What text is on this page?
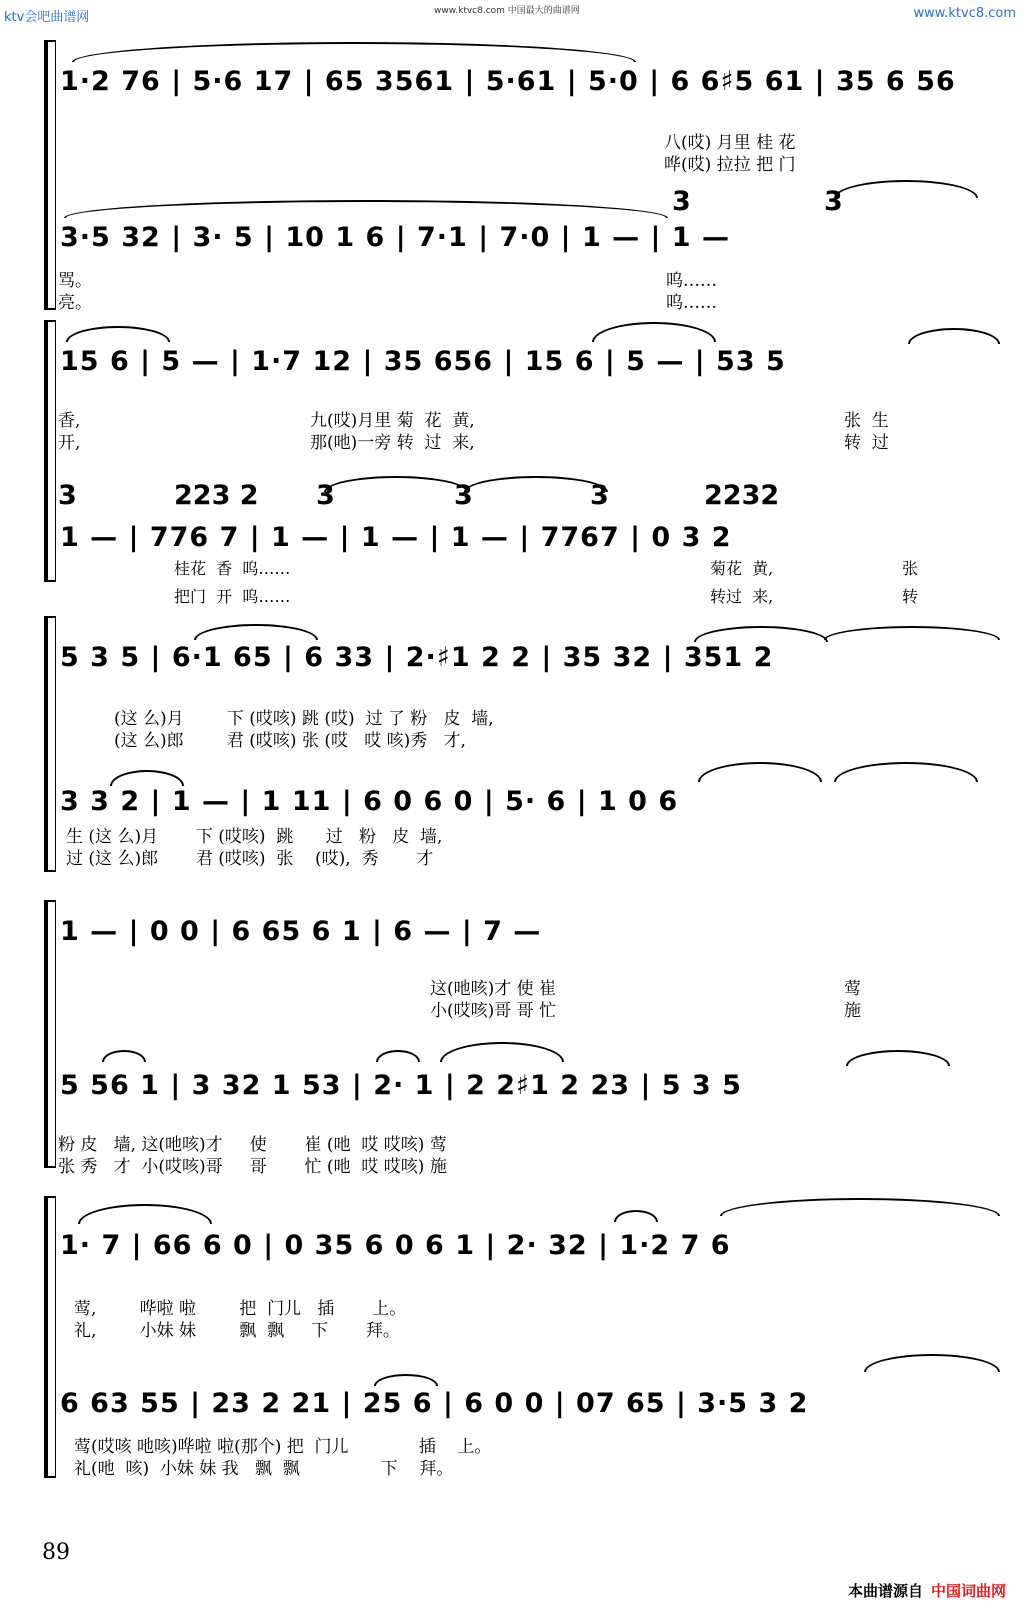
ktv会吧曲谱网	www.ktvc8.com 中国最大的曲谱网	www.ktvc8.com
1·2 76 | 5·6 17 | 65 3561 | 5·61 | 5·0 | 6 6♯5 61 | 35 6 56
八(哎) 月里 桂 花
哗(哎) 拉拉 把 门
3	3
3·5 32 | 3· 5 | 10 1 6 | 7·1 | 7·0 | 1 — | 1 —
骂。	呜……
亮。	呜……
15 6 | 5 — | 1·7 12 | 35 656 | 15 6 | 5 — | 53 5
香,	九(哎)月里 菊  花  黄,	张  生
开,	那(吔)一旁 转  过  来,	转  过
3	223 2 3	3	3	2232
1 — | 776 7 | 1 — | 1 — | 1 — | 7767 | 0 3 2
桂花  香  呜……	菊花  黄,	张
把门  开  呜……	转过  来,	转
5 3 5 | 6·1 65 | 6 33 | 2·♯1 2 2 | 35 32 | 351 2
(这 么)月        下 (哎咳) 跳 (哎)  过 了 粉   皮  墙,
(这 么)郎        君 (哎咳) 张 (哎   哎 咳)秀   才,
3 3 2 | 1 — | 1 11 | 6 0 6 0 | 5· 6 | 1 0 6
生 (这 么)月       下 (哎咳)  跳      过   粉   皮  墙,
过 (这 么)郎       君 (哎咳)  张    (哎),  秀       才
1 — | 0 0 | 6 65 6 1 | 6 — | 7 —
这(吔咳)才 使 崔	莺
小(哎咳)哥 哥 忙	施
5 56 1 | 3 32 1 53 | 2· 1 | 2 2♯1 2 23 | 5 3 5
粉 皮   墙, 这(吔咳)才     使       崔 (吔  哎 哎咳) 莺
张 秀   才  小(哎咳)哥     哥       忙 (吔  哎 哎咳) 施
1· 7 | 66 6 0 | 0 35 6 0 6 1 | 2· 32 | 1·2 7 6
莺,        哗啦 啦        把  门儿   插       上。
礼,        小妹 妹        飘  飘     下       拜。
6 63 55 | 23 2 21 | 25 6 | 6 0 0 | 07 65 | 3·5 3 2
莺(哎咳 吔咳)哗啦 啦(那个) 把  门儿             插    上。
礼(吔  咳)  小妹 妹 我   飘  飘               下    拜。
89
本曲谱源自 中国词曲网
